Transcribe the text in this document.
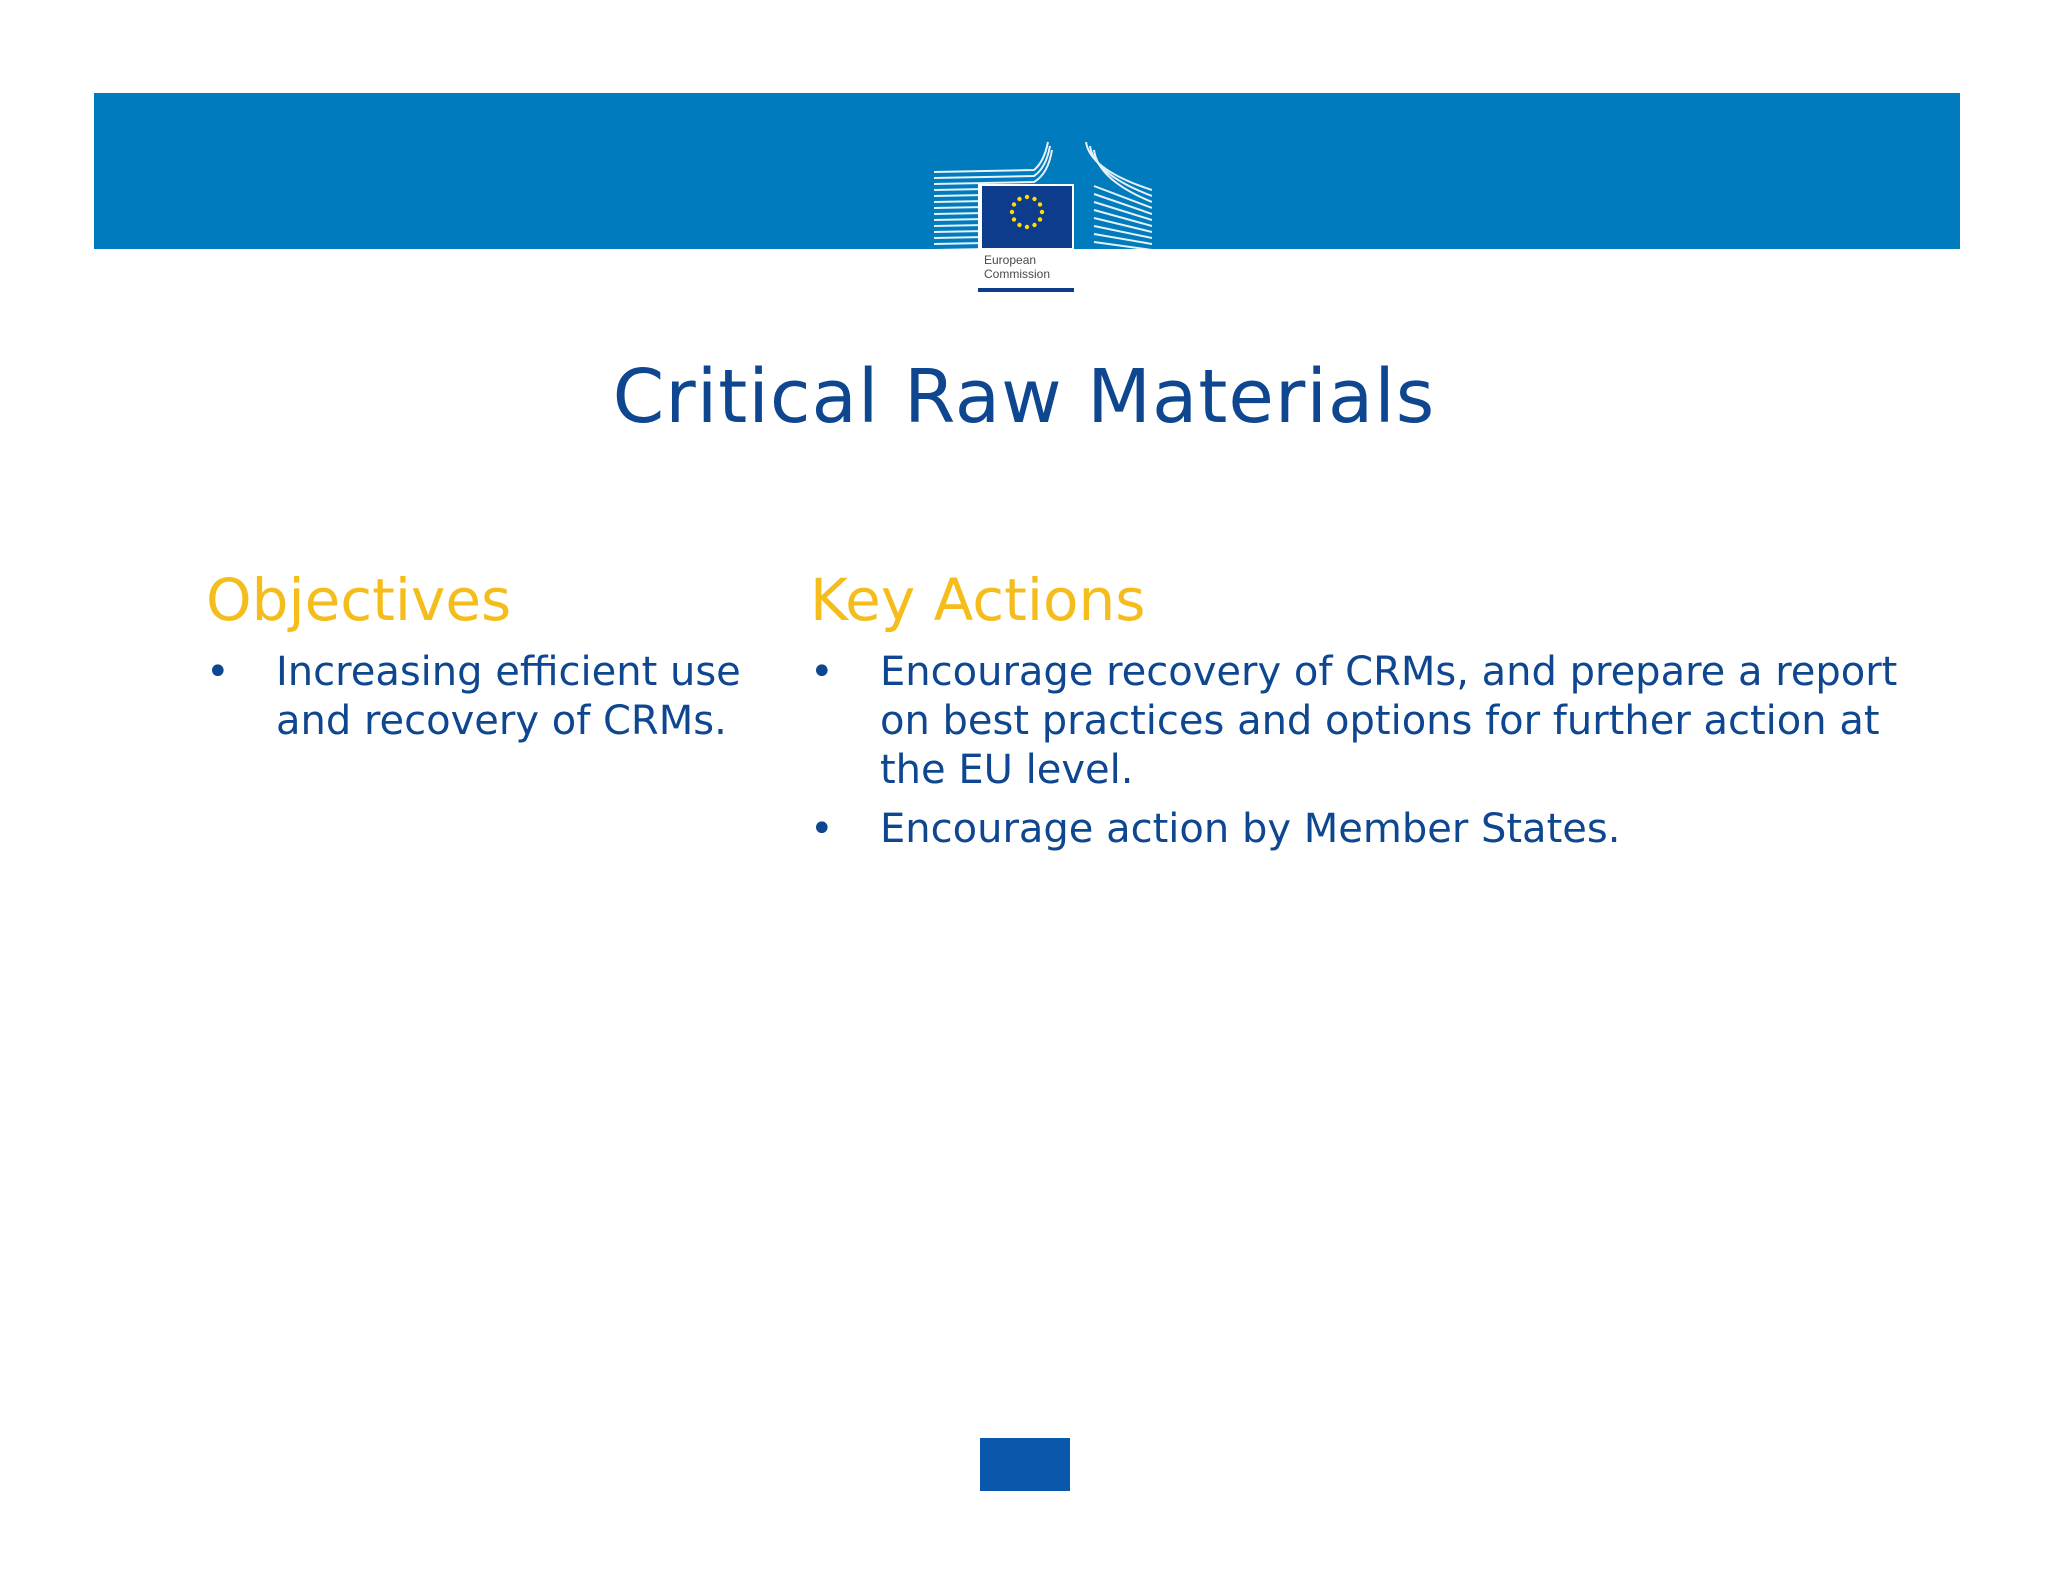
European
Commission
Critical Raw Materials
Objectives
•	Increasing efficient use and recovery of CRMs.
Key Actions
•	Encourage recovery of CRMs, and prepare a report on best practices and options for further action at the EU level.
•	Encourage action by Member States.
